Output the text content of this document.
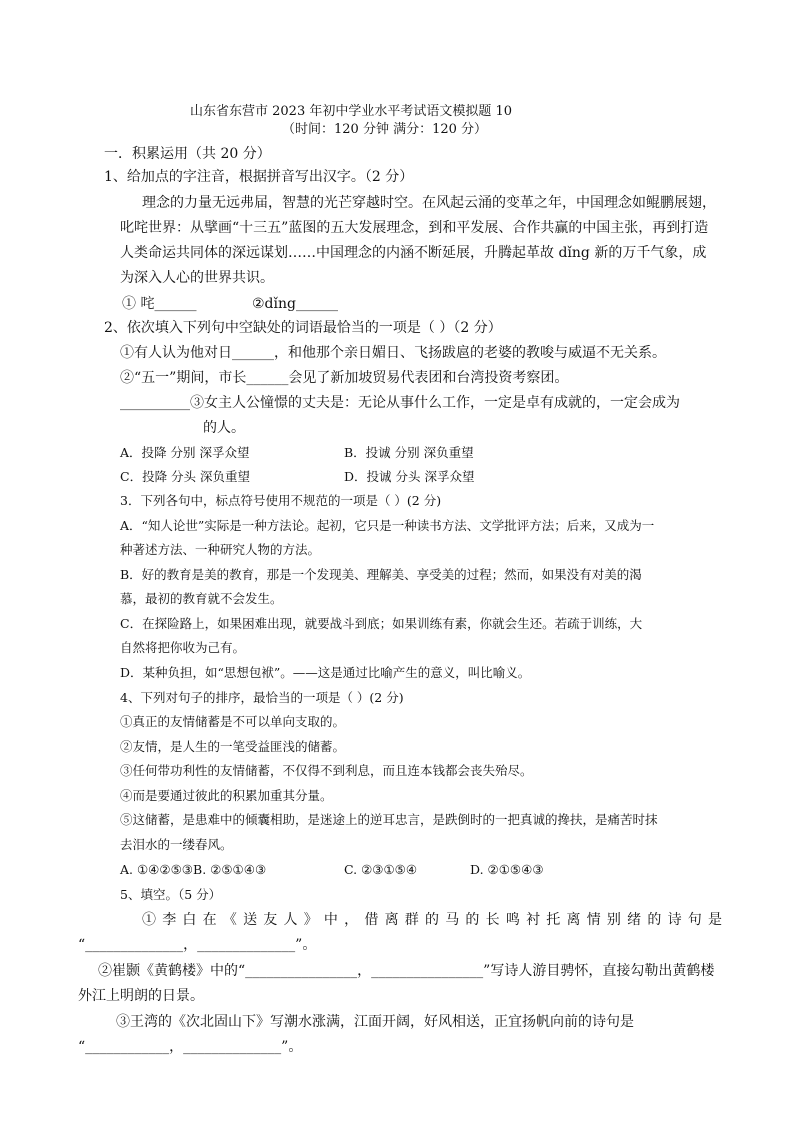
山东省东营市 2023 年初中学业水平考试语文模拟题 10
（时间：120 分钟 满分：120 分）
一．积累运用（共 20 分）
1、给加点的字注音，根据拼音写出汉字。（2 分）
理念的力量无远弗届，智慧的光芒穿越时空。在风起云涌的变革之年，中国理念如鲲鹏展翅，
叱咤世界：从擘画“十三五”蓝图的五大发展理念，到和平发展、合作共赢的中国主张，再到打造
人类命运共同体的深远谋划……中国理念的内涵不断延展，升腾起革故 dǐng 新的万千气象，成
为深入人心的世界共识。
① 咤______	②dǐng______
2、依次填入下列句中空缺处的词语最恰当的一项是（ ）（2 分）
①有人认为他对日______，和他那个亲日媚日、飞扬跋扈的老婆的教唆与威逼不无关系。
②“五一”期间，市长______会见了新加坡贸易代表团和台湾投资考察团。
__________③女主人公憧憬的丈夫是：无论从事什么工作，一定是卓有成就的，一定会成为
的人。
A．投降 分别 深孚众望	B．投诚 分别 深负重望
C．投降 分头 深负重望	D．投诚 分头 深孚众望
3．下列各句中，标点符号使用不规范的一项是（ ）(2 分)
A．“知人论世”实际是一种方法论。起初，它只是一种读书方法、文学批评方法；后来，又成为一
种著述方法、一种研究人物的方法。
B．好的教育是美的教育，那是一个发现美、理解美、享受美的过程；然而，如果没有对美的渴
慕，最初的教育就不会发生。
C．在探险路上，如果困难出现，就要战斗到底；如果训练有素，你就会生还。若疏于训练，大
自然将把你收为己有。
D．某种负担，如“思想包袱”。——这是通过比喻产生的意义，叫比喻义。
4、下列对句子的排序，最恰当的一项是（ ）(2 分)
①真正的友情储蓄是不可以单向支取的。
②友情，是人生的一笔受益匪浅的储蓄。
③任何带功利性的友情储蓄，不仅得不到利息，而且连本钱都会丧失殆尽。
④而是要通过彼此的积累加重其分量。
⑤这储蓄，是患难中的倾囊相助，是迷途上的逆耳忠言，是跌倒时的一把真诚的搀扶，是痛苦时抹
去泪水的一缕春风。
A. ①④②⑤③B. ②⑤①④③	C. ②③①⑤④	D. ②①⑤④③
5、填空。（5 分）
①李白在《送友人》中，借离群的马的长鸣衬托离情别绪的诗句是
“______________，______________”。
②崔颢《黄鹤楼》中的“________________，________________”写诗人游目骋怀，直接勾勒出黄鹤楼
外江上明朗的日景。
③王湾的《次北固山下》写潮水涨满，江面开阔，好风相送，正宜扬帆向前的诗句是
“____________，______________”。
